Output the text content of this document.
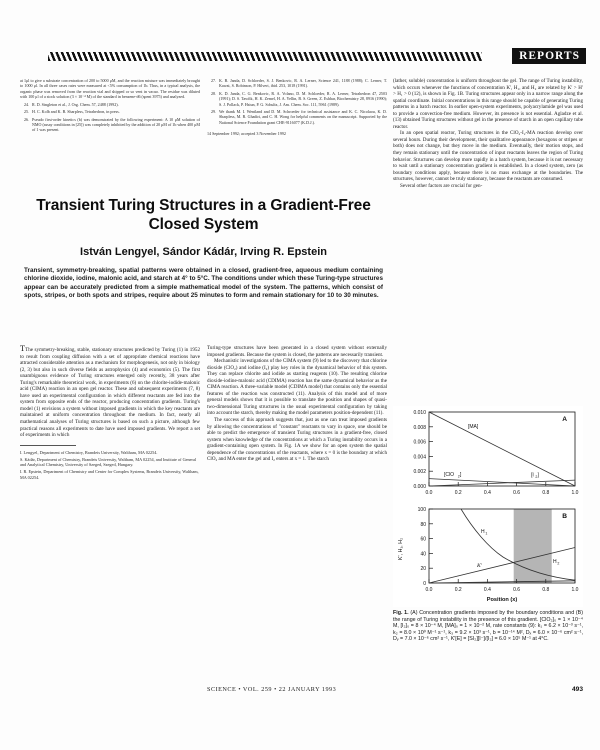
REPORTS
at 1μl to give a substrate concentration of 200 to 5000 μM, and the reaction mixture was immediately brought to 1000 μl. In all three cases rates were measured at <5% consumption of 1b. Thus, in a typical analysis, the organic phase was removed from the reaction vial and shipped or so vent in vacuo. The residue was diluted with 100 μl of a stock solution (3 × 10⁻⁴ M) of the standard in benzene-d6 (spent 3975) and analyzed.
24. R. D. Singleton et al., J. Org. Chem. 57, 2488 (1992).
25. H. C. Kolb and K. B. Sharpless, Tetrahedron, in press.
26. Pseudo first-order kinetics (b) was demonstrated by the following experiment: A 10 μM solution of NMO (assay conditions in [25]) was completely inhibited by the addition of 20 μM of 1b when 400 μM of 1 was present.
27. K. B. Janda, D. Schloeder, S. J. Benkovic, R. A. Lerner, Science 241, 1188 (1988); C. Lerner, T. Kawai, S. Robinson, P. Hilvert, ibid. 253, 1018 (1991).
28. K. D. Janda, C. G. Benkovic, R. A. Volano, D. M. Schloeder, R. A. Lerner, Tetrahedron 47, 2503 (1991); D. S. Tawfik, H. K. Zemel, H. A. Yellin, B. S. Green, Z. Eshhar, Biochemistry 28, 8916 (1990); S. J. Pollack, P. Hsiun, P. G. Schultz, J. Am. Chem. Soc. 111, 5961 (1989).
29. We thank M. I. Wentland and D. M. Schroeder for technical assistance and K. C. Nicolaou, K. D. Sharpless, M. R. Ghadiri, and C. H. Wong for helpful comments on the manuscript. Supported by the National Science Foundation grant CHE-9116077 (K.D.J.).
14 September 1992; accepted 3 November 1992

(lather, soluble) concentration is uniform throughout the gel. The range of Turing instability, which occurs whenever the functions of concentration K', H₁, and H₂ are related by K' > H′ > H₁ > 0 (12), is shown in Fig. 1B. Turing structures appear only in a narrow range along the spatial coordinate. Initial concentrations in this range should be capable of generating Turing patterns in a batch reactor. In earlier open-system experiments, polyacrylamide gel was used to provide a convection-free medium. However, its presence is not essential. Agladze et al. (13) obtained Turing structures without gel in the presence of starch in an open capillary tube reactor.

In an open spatial reactor, Turing structures in the ClO₂-I₂-MA reaction develop over several hours. During their development, their qualitative appearance (hexagons or stripes or both) does not change, but they move in the medium. Eventually, their motion stops, and they remain stationary until the concentration of input reactants leaves the region of Turing behavior. Structures can develop more rapidly in a batch system, because it is not necessary to wait until a stationary concentration gradient is established. In a closed system, zero (as boundary conditions apply, because there is no mass exchange at the boundaries. The structures, however, cannot be truly stationary, because the reactants are consumed.

Several other factors are crucial for gen-

Transient Turing Structures in a Gradient-Free Closed System
István Lengyel, Sándor Kádár, Irving R. Epstein
Transient, symmetry-breaking, spatial patterns were obtained in a closed, gradient-free, aqueous medium containing chlorine dioxide, iodine, malonic acid, and starch at 4° to 5°C. The conditions under which these Turing-type structures appear can be accurately predicted from a simple mathematical model of the system. The patterns, which consist of spots, stripes, or both spots and stripes, require about 25 minutes to form and remain stationary for 10 to 30 minutes.

TThe symmetry-breaking, stable, stationary structures predicted by Turing (1) in 1952 to result from coupling diffusion with a set of appropriate chemical reactions have attracted considerable attention as a mechanism for morphogenesis, not only in biology (2, 3) but also in such diverse fields as astrophysics (4) and economics (5). The first unambiguous evidence of Turing structures emerged only recently, 38 years after Turing's remarkable theoretical work, in experiments (6) on the chlorite-iodide-malonic acid (CIMA) reaction in an open gel reactor. These and subsequent experiments (7, 8) have used an experimental configuration in which different reactants are fed into the system from opposite ends of the reactor, producing concentration gradients. Turing's model (1) envisions a system without imposed gradients in which the key reactants are maintained at uniform concentration throughout the medium. In fact, nearly all mathematical analyses of Turing structures is based on such a picture, although few practical reasons all experiments to date have used imposed gradients. We report a set of experiments in which

I. Lengyel, Department of Chemistry, Brandeis University, Waltham, MA 02254.

S. Kádár, Department of Chemistry, Brandeis University, Waltham, MA 02254, and Institute of General and Analytical Chemistry, University of Szeged, Szeged, Hungary.

I. R. Epstein, Department of Chemistry and Center for Complex Systems, Brandeis University, Waltham, MA 02254.

Turing-type structures have been generated in a closed system without externally imposed gradients. Because the system is closed, the patterns are necessarily transient.

Mechanistic investigations of the CIMA system (9) led to the discovery that chlorine dioxide (ClO₂) and iodine (I₂) play key roles in the dynamical behavior of this system. They can replace chlorite and iodide as starting reagents (10). The resulting chlorine dioxide-iodine-malonic acid (CDIMA) reaction has the same dynamical behavior as the CIMA reaction. A three-variable model (CDIMA model) that contains only the essential features of the reaction was constructed (11). Analysis of this model and of more general models shows that it is possible to translate the position and shapes of quasi-two-dimensional Turing structures in the usual experimental configuration by taking into account the starch, thereby making the model parameters position-dependent (11).

The success of this approach suggests that, just as one can treat imposed gradients by allowing the concentrations of "constant" reactants to vary in space, one should be able to predict the emergence of transient Turing structures in a gradient-free, closed system when knowledge of the concentrations at which a Turing instability occurs in a gradient-containing open system. In Fig. 1A we show for an open system the spatial dependence of the concentrations of the reactants, where x = 0 is the boundary at which ClO₂ and MA enter the gel and I₂ enters at x = 1. The starch

A
0.010
0.008
0.006
0.004
0.002
0.000
0.0	0.2	0.4	0.6	0.8	1.0
[MA]
[ClO 2 ]	[I 2 ]
B
100
80
60
40
20
0
0.0	0.2	0.4	0.6	0.8	1.0
K', H₁, H₂
Position (x)
H 1
K'
H 2
Fig. 1. (A) Concentration gradients imposed by the boundary conditions and (B) the range of Turing instability in the presence of this gradient. [ClO₂]₀ = 1 × 10⁻⁴ M, [I₂]₀ = 8 × 10⁻⁴ M, [MA]₀ = 1 × 10⁻² M, rate constants (9): k₁ = 6.2 × 10⁻³ s⁻¹, k₂ = 8.0 × 10⁰ M⁻¹ s⁻¹, k₃ = 9.2 × 10³ s⁻¹, b = 10⁻¹⁴ M², Dₓ = 6.0 × 10⁻⁶ cm² s⁻¹, Dᵧ = 7.0 × 10⁻⁶ cm² s⁻¹, K'[E] = [SI₂][I⁻]/[I₂] = 6.0 × 10⁵ M⁻¹ at 4°C.
SCIENCE • VOL. 259 • 22 JANUARY 1993	493
